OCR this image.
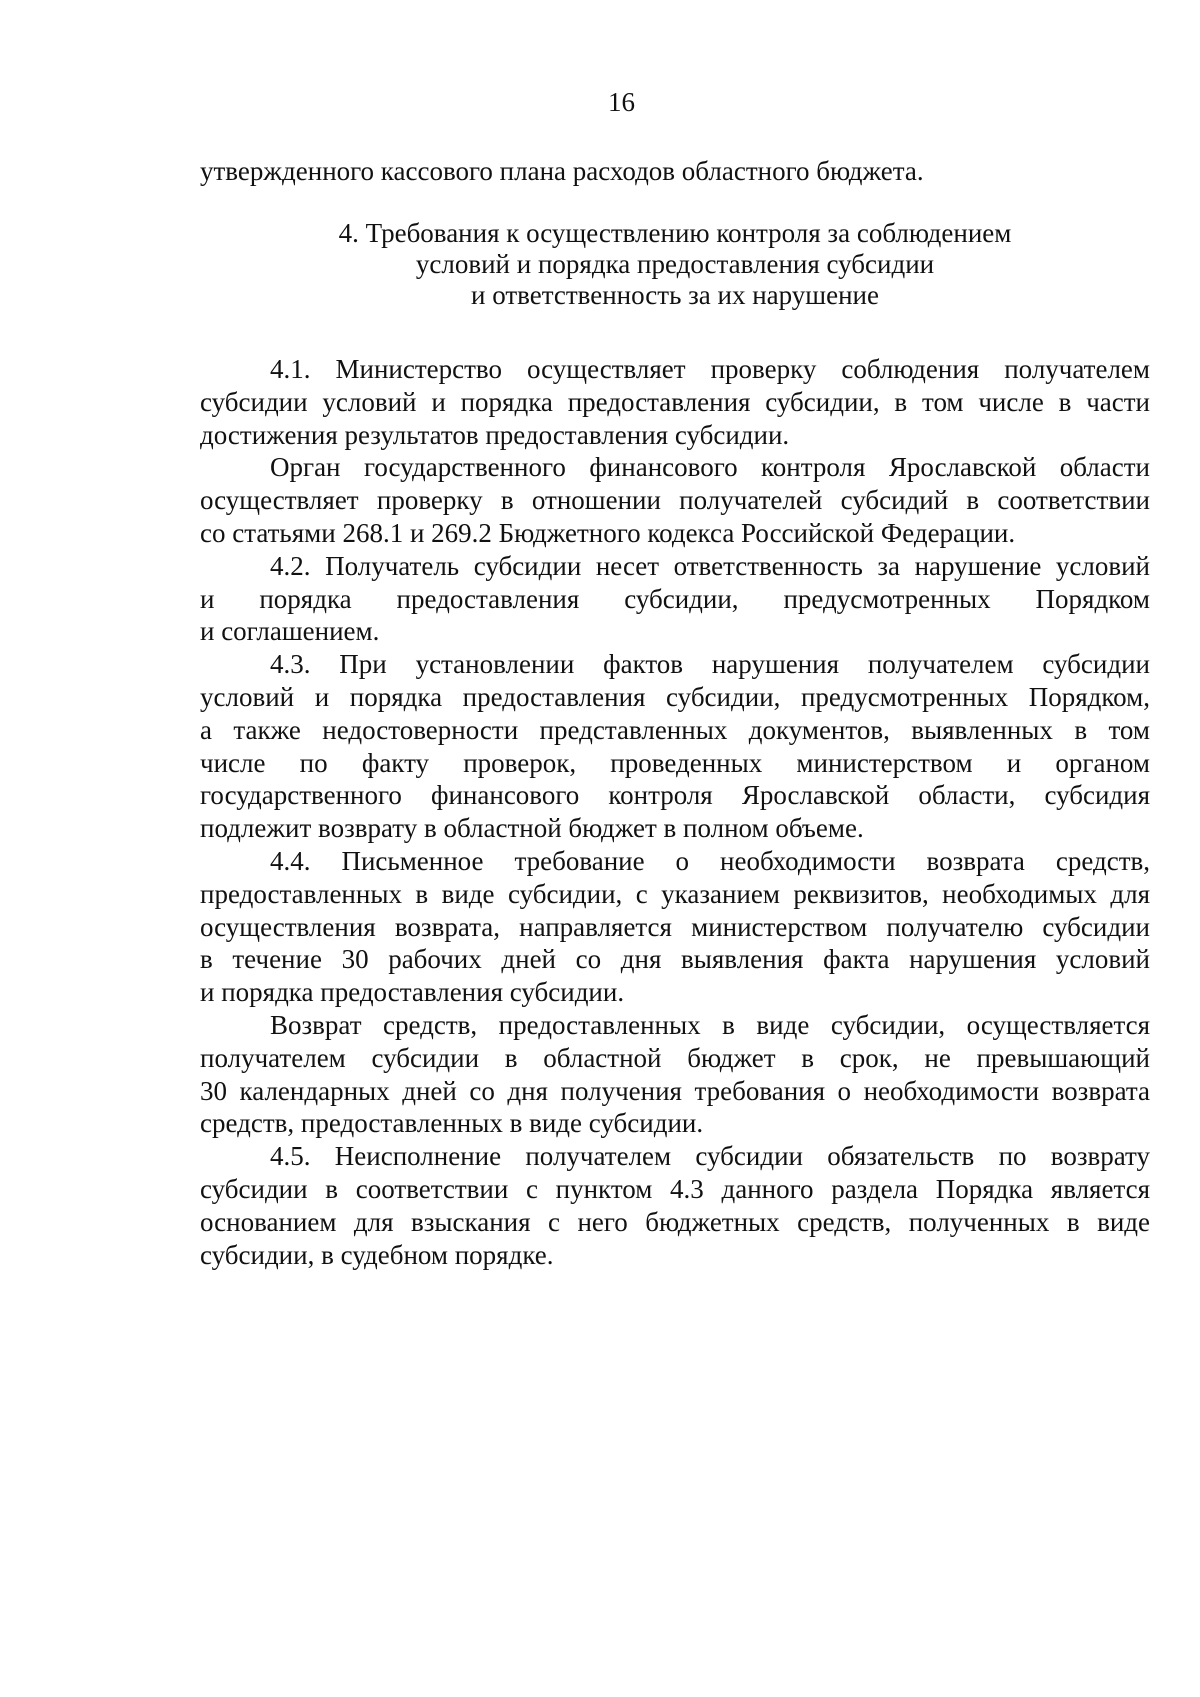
16
утвержденного кассового плана расходов областного бюджета.
4. Требования к осуществлению контроля за соблюдением
условий и порядка предоставления субсидии
и ответственность за их нарушение
4.1. Министерство осуществляет проверку соблюдения получателем
субсидии условий и порядка предоставления субсидии, в том числе в части
достижения результатов предоставления субсидии.
Орган государственного финансового контроля Ярославской области
осуществляет проверку в отношении получателей субсидий в соответствии
со статьями 268.1 и 269.2 Бюджетного кодекса Российской Федерации.
4.2. Получатель субсидии несет ответственность за нарушение условий
и порядка предоставления субсидии, предусмотренных Порядком
и соглашением.
4.3. При установлении фактов нарушения получателем субсидии
условий и порядка предоставления субсидии, предусмотренных Порядком,
а также недостоверности представленных документов, выявленных в том
числе по факту проверок, проведенных министерством и органом
государственного финансового контроля Ярославской области, субсидия
подлежит возврату в областной бюджет в полном объеме.
4.4. Письменное требование о необходимости возврата средств,
предоставленных в виде субсидии, с указанием реквизитов, необходимых для
осуществления возврата, направляется министерством получателю субсидии
в течение 30 рабочих дней со дня выявления факта нарушения условий
и порядка предоставления субсидии.
Возврат средств, предоставленных в виде субсидии, осуществляется
получателем субсидии в областной бюджет в срок, не превышающий
30 календарных дней со дня получения требования о необходимости возврата
средств, предоставленных в виде субсидии.
4.5. Неисполнение получателем субсидии обязательств по возврату
субсидии в соответствии с пунктом 4.3 данного раздела Порядка является
основанием для взыскания с него бюджетных средств, полученных в виде
субсидии, в судебном порядке.
